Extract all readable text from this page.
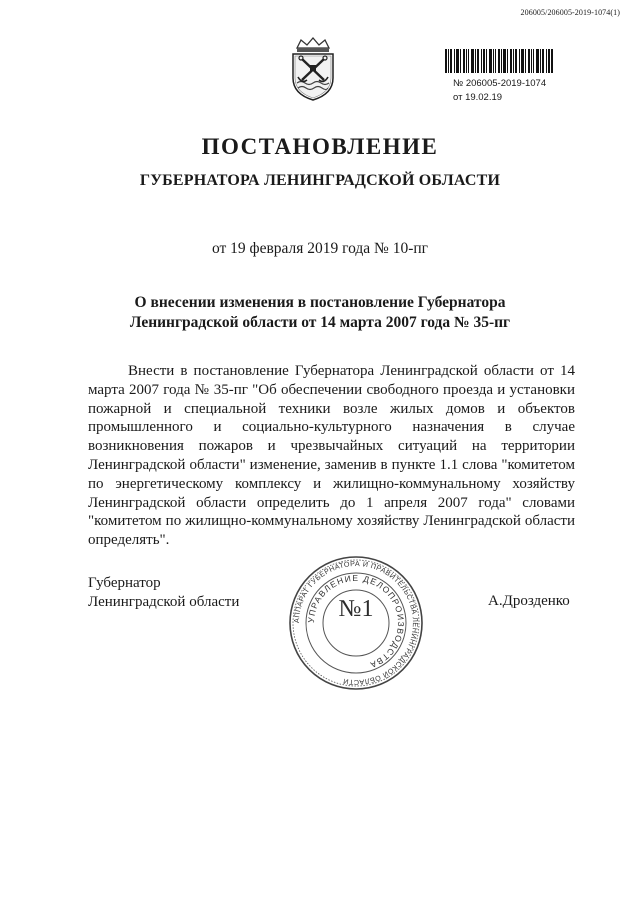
206005/206005-2019-1074(1)
№ 206005-2019-1074
от 19.02.19
ПОСТАНОВЛЕНИЕ
ГУБЕРНАТОРА ЛЕНИНГРАДСКОЙ ОБЛАСТИ
от 19 февраля 2019 года № 10-пг
О внесении изменения в постановление Губернатора
Ленинградской области от 14 марта 2007 года № 35-пг
Внести в постановление Губернатора Ленинградской области от 14 марта 2007 года № 35-пг "Об обеспечении свободного проезда и установки пожарной и специальной техники возле жилых домов и объектов промышленного и социально-культурного назначения в случае возникновения пожаров и чрезвычайных ситуаций на территории Ленинградской области" изменение, заменив в пункте 1.1 слова "комитетом по энергетическому комплексу и жилищно-коммунальному хозяйству Ленинградской области определить до 1 апреля 2007 года" словами "комитетом по жилищно-коммунальному хозяйству Ленинградской области определять".
Губернатор
Ленинградской области
АППАРАТ ГУБЕРНАТОРА И ПРАВИТЕЛЬСТВА ЛЕНИНГРАДСКОЙ ОБЛАСТИ
УПРАВЛЕНИЕ ДЕЛОПРОИЗВОДСТВА
№1	А.Дрозденко
